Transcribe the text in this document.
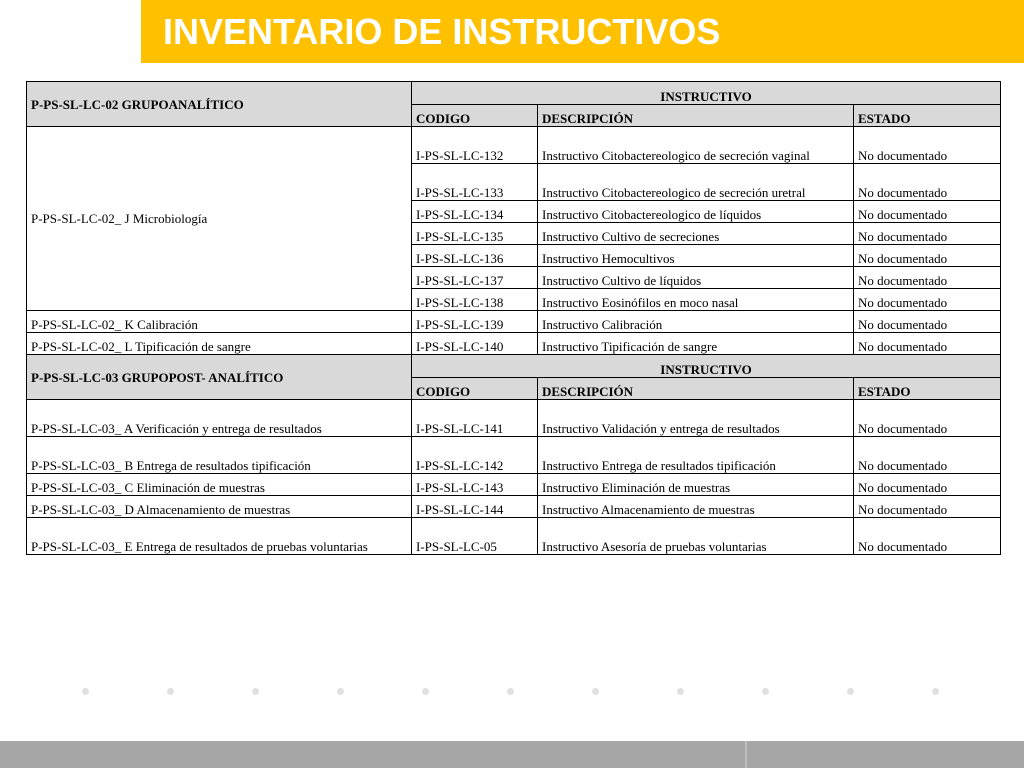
INVENTARIO DE INSTRUCTIVOS
P-PS-SL-LC-02 GRUPOANALÍTICO	INSTRUCTIVO		
	CODIGO	DESCRIPCIÓN	ESTADO
P-PS-SL-LC-02_ J Microbiología	I-PS-SL-LC-132	Instructivo Citobactereologico de secreción vaginal	No documentado
	I-PS-SL-LC-133	Instructivo Citobactereologico de secreción uretral	No documentado
	I-PS-SL-LC-134	Instructivo Citobactereologico de líquidos	No documentado
	I-PS-SL-LC-135	Instructivo Cultivo de secreciones	No documentado
	I-PS-SL-LC-136	Instructivo Hemocultivos	No documentado
	I-PS-SL-LC-137	Instructivo Cultivo de líquidos	No documentado
	I-PS-SL-LC-138	Instructivo Eosinófilos en moco nasal	No documentado
P-PS-SL-LC-02_ K Calibración	I-PS-SL-LC-139	Instructivo Calibración	No documentado
P-PS-SL-LC-02_ L Tipificación de sangre	I-PS-SL-LC-140	Instructivo Tipificación de sangre	No documentado
P-PS-SL-LC-03 GRUPOPOST- ANALÍTICO	INSTRUCTIVO		
	CODIGO	DESCRIPCIÓN	ESTADO
P-PS-SL-LC-03_ A Verificación y entrega de resultados	I-PS-SL-LC-141	Instructivo Validación y entrega de resultados	No documentado
P-PS-SL-LC-03_ B Entrega de resultados tipificación	I-PS-SL-LC-142	Instructivo Entrega de resultados tipificación	No documentado
P-PS-SL-LC-03_ C Eliminación de muestras	I-PS-SL-LC-143	Instructivo Eliminación de muestras	No documentado
P-PS-SL-LC-03_ D Almacenamiento de muestras	I-PS-SL-LC-144	Instructivo Almacenamiento de muestras	No documentado
P-PS-SL-LC-03_ E Entrega de resultados de pruebas voluntarias	I-PS-SL-LC-05	Instructivo Asesoría de pruebas voluntarias	No documentado
